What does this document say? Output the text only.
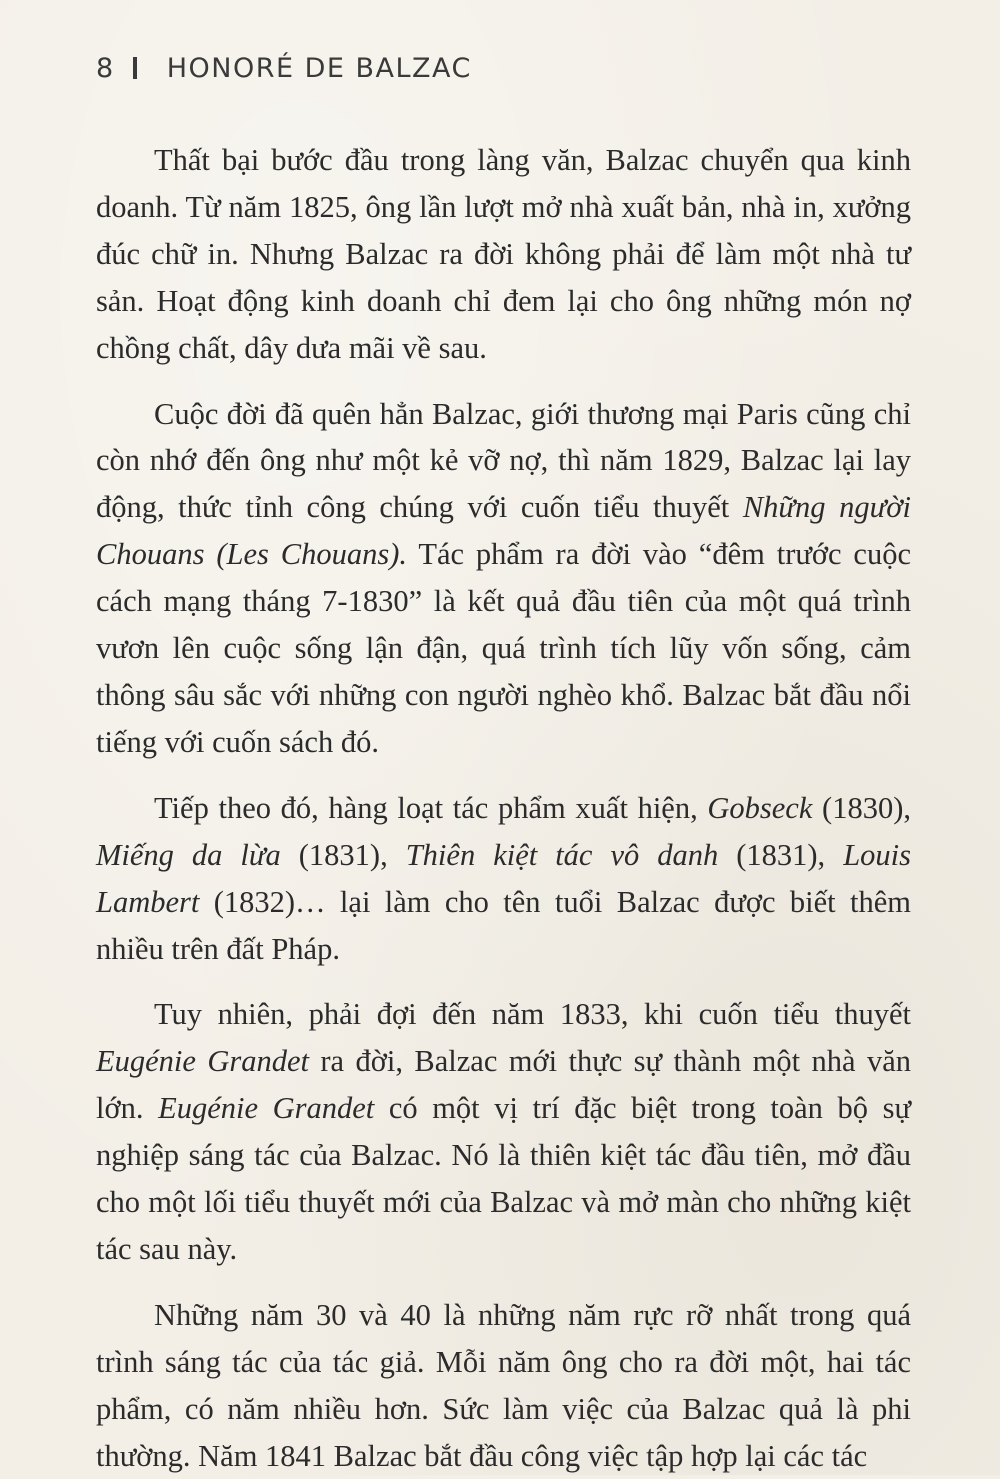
8 HONORÉ DE BALZAC

Thất bại bước đầu trong làng văn, Balzac chuyển qua kinh doanh. Từ năm 1825, ông lần lượt mở nhà xuất bản, nhà in, xưởng đúc chữ in. Nhưng Balzac ra đời không phải để làm một nhà tư sản. Hoạt động kinh doanh chỉ đem lại cho ông những món nợ chồng chất, dây dưa mãi về sau.

Cuộc đời đã quên hẳn Balzac, giới thương mại Paris cũng chỉ còn nhớ đến ông như một kẻ vỡ nợ, thì năm 1829, Balzac lại lay động, thức tỉnh công chúng với cuốn tiểu thuyết Những người Chouans (Les Chouans). Tác phẩm ra đời vào “đêm trước cuộc cách mạng tháng 7-1830” là kết quả đầu tiên của một quá trình vươn lên cuộc sống lận đận, quá trình tích lũy vốn sống, cảm thông sâu sắc với những con người nghèo khổ. Balzac bắt đầu nổi tiếng với cuốn sách đó.

Tiếp theo đó, hàng loạt tác phẩm xuất hiện, Gobseck (1830), Miếng da lừa (1831), Thiên kiệt tác vô danh (1831), Louis Lambert (1832)… lại làm cho tên tuổi Balzac được biết thêm nhiều trên đất Pháp.

Tuy nhiên, phải đợi đến năm 1833, khi cuốn tiểu thuyết Eugénie Grandet ra đời, Balzac mới thực sự thành một nhà văn lớn. Eugénie Grandet có một vị trí đặc biệt trong toàn bộ sự nghiệp sáng tác của Balzac. Nó là thiên kiệt tác đầu tiên, mở đầu cho một lối tiểu thuyết mới của Balzac và mở màn cho những kiệt tác sau này.

Những năm 30 và 40 là những năm rực rỡ nhất trong quá trình sáng tác của tác giả. Mỗi năm ông cho ra đời một, hai tác phẩm, có năm nhiều hơn. Sức làm việc của Balzac quả là phi thường. Năm 1841 Balzac bắt đầu công việc tập hợp lại các tác
